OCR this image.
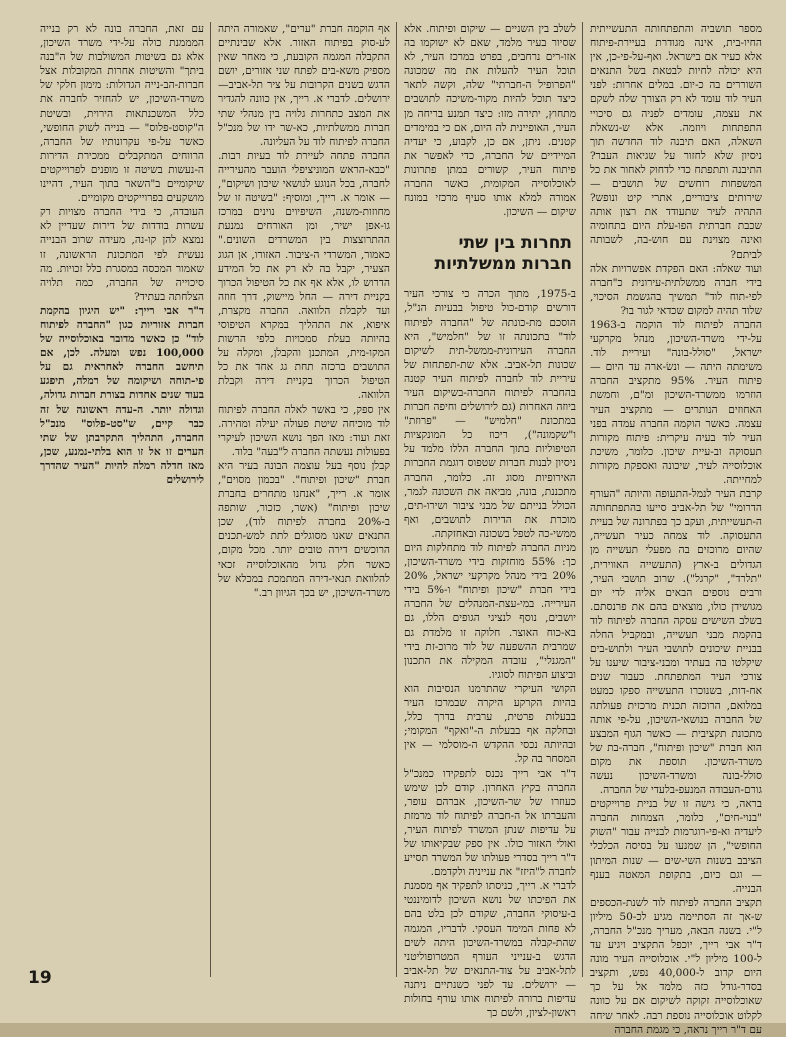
מספר תושביה והתפתחותה התעשייתית החיו-בית, אינה מגודרת בעיירת-פיתוח אלא כעיר אם בישראל. ואף-על-פי-כן, אין היא יכולה לחיות לבטאת בשל התנאים השוררים בה כ-יום. במלים אחרות: לפני העיר לוד עומד לא רק הצורך שלה לשקם את עצמה, עומדים לפניה גם סיכויי התפתחות ויוזמה. אלא ש-נשאלת השאלה, האם תיבנה לוד החדשה תוך ניסיון שלא לחזור על שגיאות העבר? התיבנה ותתפתח כדי לדחוק לאחור את כל המשפחות רוחשים של תושבים — שירותים ציבוריים, אתרי קיט ונופש? התהיה לעיר שתעודד את רצון אותה שכבת חברתית הפו-עלת היום בתחומיה ואינה מצוינת עם חוש-בה, לשבותה לביתם?

ועוד שאלה: האם הפקדת אפשרויות אלה בידי חברה ממשלתית-עירונית כ"חברה לפי-תוח לוד" תמשיך בהגשמת הסיכוי, שלוד תהיה למקום שכדאי לגור בו?

החברה לפיתוח לוד הוקמה ב-1963 על-ידי משרד-השיכון, מנהל מקרקעי ישראל, "סולל-בונה" ועיריית לוד. משימתה היתה — ונשׂ-ארה עד היום — פיתוח העיר. 95% מתקציב החברה הוזרמו ממשרד-השיכון ומ"ם, וחמשת האחוזים הנותרים — מתקציב העיר עצמה. כאשר הוקמה החברה עמדה בפני העיר לוד בעיה עיקרית: פיתוח מקורות תעסוקה וב-עיית שיכון. כלומר, משיכת אוכלוסייה לעיר, שיכונה ואספקת מקורות למחייתה.

קרבת העיר לנמל-התעופה והיותה "העורף הדרומי" של תל-אביב סייעו בהתפתחותה ה-תעשייתית, ועקב כך בפתרונה של בעיית התעסוקה. לוד צמחה כעיר תעשייה, שהיום מרוכזים בה מפעלי תעשייה מן הגדולים ב-ארץ (התעשייה האווירית, "תלרד", "קרגל"). שרוב תושבי העיר, ורבים נוספים הבאים אליה לדי יום מגושידן כולו, מוצאים בהם את פרנסתם. בשלב השישים עסקה החברה לפיתוח לוד בהקמת מבני תעשייה, ובמקביל החלה בבניית שיכונים לתושבי העיר ולתוש-בים שיקלטו בה בעתיד ומבני-ציבור שיענו על צורכי העיר המתפתחת. כעבור שנים אח-דות, בשנוכרו התעשייה ספקו כמעט במלואם, הרוכזה תכנית מרכזית פעולתה של החברה בנושאי-השיכון, על-פי אותה מתכונת תקציבית — כאשר הגוף המבצע הוא חברת "שיכון ופיתוח", חברה-בת של משרד-השיכון. תוספת את מקום סולל-בונה ומשרד-השיכון נעשה גורם-העבודה המנעפ-בלעדי של החברה.

בראה, כי גישה זו של בניית פרוייקטים "בנוי-חים", כלומר, הצמחות החברה ליעדיה וא-פי-רוגרמות לבנייה עבור "השוק החופשי", הן שמנעו על בסיסה הכלכלי הציבב בשנות השי-שים — שנות המיתון — וגם כיום, בתקופת המאטה בענף הבנייה.

תקציב החברה לפיתוח לוד לשנת-הכספים ש-אך זה הסתיימה מגיע לכ-50 מיליון ל"י. בשנה הבאה, מעריך מנכ"ל החברה, ד"ר אבי רייך, יוכפל התקציב ויגיע עד ל-100 מיליון ל"י. אוכלוסייה העיר מונה היום קרוב ל-40,000 נפש, ותקציב בסדר-גודל כזה מלמד אל על כך שאוכלוסייה זקוקה לשיקום אם על כוונה לקלוט אוכלוסייה נוספת רבה. לאחר שיחה עם ד"ר רייך נראה, כי מגמת החברה

לשלב בין השניים — שיקום ופיתוח. אלא שסיור בעיר מלמד, שאם לא ישוקמו בה אזו-רים נרחבים, בפרט במרכז העיר, לא תוכל העיר להעלות את מה שמכונה "הפרופיל ה-חברתי" שלה, וקשה לתאר כיצד תוכל להיות מקור-משיכה לתושבים מתחוץ, יתירה מזו: כיצד תמנע בריחה מן העיר, האופיינית לה היום, אם כי במימדים קטנים. ניתן, אם כן, לקבוע, כי יעדיה המיידיים של החברה, כדי לאפשר את פיתוח העיר, קשורים במתן פתרונות לאוכלוסייה המקומית, כאשר החברה אמורה למלא אותו סעיף מרכזי במונח שיקום — השיכון.

תחרות בין שתי חברות ממשלתיות

ב-1975, מתוך הכרה כי צורכי העיר דורשים קודם-כול טיפול בבעיות הנ"ל, הוסכם מת-כונתה של "החברה לפיתוח לוד" בתכונתה זו של "חלמיש", היא החברה העירונית-ממשל-תית לשיקום שכונות תל-אביב. אלא שת-תפתחות של עיריית לוד לחברה לפיתוח העיר קטנה בהחברה לפיתוח החברה-בשיקום העיר ביוזה האחרות (גם לירושלים וחיפה חברות במתכונת "חלמיש" — "פרוזת" ו"שקמונה"), ריכוז כל המונקציות הטיפוליות בתוך החברה הללו מלמד על ניסיון לבנות חברות שטפוס דוגמת החברות האירופיות מסוג זה. כלומר, החברה מתכננת, בונה, מביאה את השכונה לגמר, הכולל בנייתם של מבני ציבור ושירו-תים, מוכרת את הדירות לתושבים, ואף ממשי-כה לטפל בשכונה ובאחזקתה.

מניות החברה לפיתוח לוד מתחלקות היום כך: 55% מוחזקות בידי משרד-השיכון, 20% בידי מנהל מקרקעי ישראל, 20% בידי חברת "שיכון ופיתוח" ו-5% בידי העירייה. במי-עצת-המנהלים של החברה יושבים, נוסף לנציגי הגופים הללו, גם בא-כוח האוצר. חלוקה זו מלמדת גם שמרבית ההשפעה של לוד מרוכ-זת בידי "המגנלי", עובדה המקילה את התכנון וביצוע הפיתוח לסוגיו.

הקושי העיקרי שהתרמנו הנסיבות הוא בהיות הקרקע היקרה שבמרכז העיר בבעלות פרטית, ערבית בדרך כלל, ובחלקה אף בבעלות ה-"ואקף" המקומי; ובהיותה נכסי ההקדש ה-מוסלמי — אין המסחר בה קל.

ד"ר אבי רייך נכנס לתפקידו כמנכ"ל החברה בקיץ האחרון. קודם לכן שימש כעוזרו של שר-השיכון, אברהם עופר, והעברתו אל ה-חברה לפיתוח לוד מרמזת על עדיפות שנתן המשרד לפיתוח העיר, ואולי האזור כולו. אין ספק שבקיאותו של ד"ר רייך בסדרי פעולתו של המשרד תסייע לחברה ל"היזז" את ענייניה ולקדמם.

לדברי א. רייך, כניסתו לתפקיד אף מסמנת את הפיכתו של נושא השיכון לדומיננטי ב-עיסוקי החברה, שקודם לכן בלט בהם לא פחות המימד העסקי. לדבריו, המגמה שהת-קבלה במשרד-השיכון היתה לשים הדגש ב-ענייני העורף המטרופוליטני לתל-אביב על צוד-התנאים של תל-אביב — ירושלים. עד לפני כשנתיים ניתנה עדיפות ברורה לפיתוח אותו עורף בחולות ראשון-לציון, ולשם כך

אף הוקמה חברת "ערים", שאמורה היתה לע-סוק בפיתוח האזור. אלא שבינתיים התקבלה המגמה הקובעת, כי מאחר שאין מספיק משא-בים לפתח שני אזורים, יושם הדגש בשנים הקרובות על ציר תל-אביב—ירושלים. לדברי א. רייך, אין כוונה להגדיר את המצב כתחרות גלויה בין מנהלי שתי חברות ממשלתיות, כא-שר ידו של מנכ"ל החברה לפיתוח לוד על העליונה.

החברה פתחה לעיירת לוד בעיות רבות. "כבא-הראש המוניציפלי הועבר מהעירייה לחברה, בכל הנוגע לנושאי שיכון ושיקום", — אומר א. רייך, ומוסיף: "בשיטה זו של מחוזות-משנה, השיפיוים נוינים במרכז גו-אפן ישיר, ומן האורחים נמנעת ההתרוצצות בין המשרדים השונים." כאמור, המשרדי ה-ציבור. האזורו, אן הגוג הצעיר, יקבל בה לא רק את כל המידע הדרוש לו, אלא אף את כל הטיפול הכרוך בקניית דירה — החל מיישוק, דרך חוזה ועד לקבלת הלוואה. החברה מקצרת, איפוא, את התהליך במקרא הטיפוסי בהיותה בעלת סמכויות כלפי הרשות המקו-מית, המתכנן והקבלן, ומקלה על התושבים ברכזה תחת גג אחד את כל הטיפול הכרוך בקניית דירה וקבלת הלוואה.

אין ספק, כי באשר לאלה החברה לפיתוח לוד מוכיחה שיטת פעולה יעילה ומהירה. זאת ועוד: מאז הפך נושא השיכון לעיקרי בפעולות נעשתה החברה ל"בעה" בלוד.

קבלן נוסף בעל עוצמה הבונה בעיר היא חברת "שיכון ופיתוח". "בכמון מסוים", אומר א. רייך, "אנחנו מתחרים בחברת שיכון ופיתוח" (אשר, כזכור, שותפה ב-20% בחברה לפיתוח לוד), שכן התנאים שאנו מסוגלים לתת למש-תכנים הרוכשים דירה טובים יותר. מכל מקום, כאשר חלק גדול מהאוכלוסייה זכאי להלוואת תנאי-דירה המתמכת במכלא של משרד-השיכון, יש בכך הגיוון רב."

עם זאת, החברה בונה לא רק בנייה המממנת כולה על-ידי משרד השיכון, אלא גם בשיטות המשולבות של ה"בנה ביתך" והשיטות אחרות המקובלות אצל חברות-הב-נייה הגדולות: מימון חלקי של משרד-השיכון, יש להחזיר לחברה את כלל המשכנתאות הירוית, ובשיטת ה"קוסט-פלוס" — בנייה לשוק החופשי, כאשר על-פי עקרונותיו של החברה, הרווחים המתקבלים ממכירת הדירות ה-נעשות בשיטה זו מופנים לפרוייקטים שיקומיים ב"השאר בתוך העיר, דהיינו מושקעים בפרוייקטים מקומיים.

העובדה, כי בידי החברה מצויות רק עשרות בודדות של דירות שעדיין לא נמצא להן קו-נה, מעידה שרוב הבנייה נעשית לפי המתכונת הראשונה, זו שאמור המכסה במסגרת כלל זכויות. מה סיכוייה של החברה, כמה תלויה הצלחתה בעתיד?

ד"ר אבי רייך: "יש היגיון בהקמת חברות אזוריות כגון "החברה לפיתוח לוד" כן כאשר מדובר באוכלוסייה של 100,000 נפש ומעלה. לכן, אם תיחשב החברה לאחראית גם על פי-תוחה ושיקומה של רמלה, תיפגע בעוד שנים אחדות בצורת חברות גדולה, וגדולה יותר. ה-עדה ראשונה של זה כבר קיים, ש"סט-פלוס" מנכ"ל החברה, התהליך התקרבתן של שתי הערים זו אל זו הוא בלתי-נמנע, שכן, מאז חדלה רמלה להיות "העיר שהדרך לירושלים

19
